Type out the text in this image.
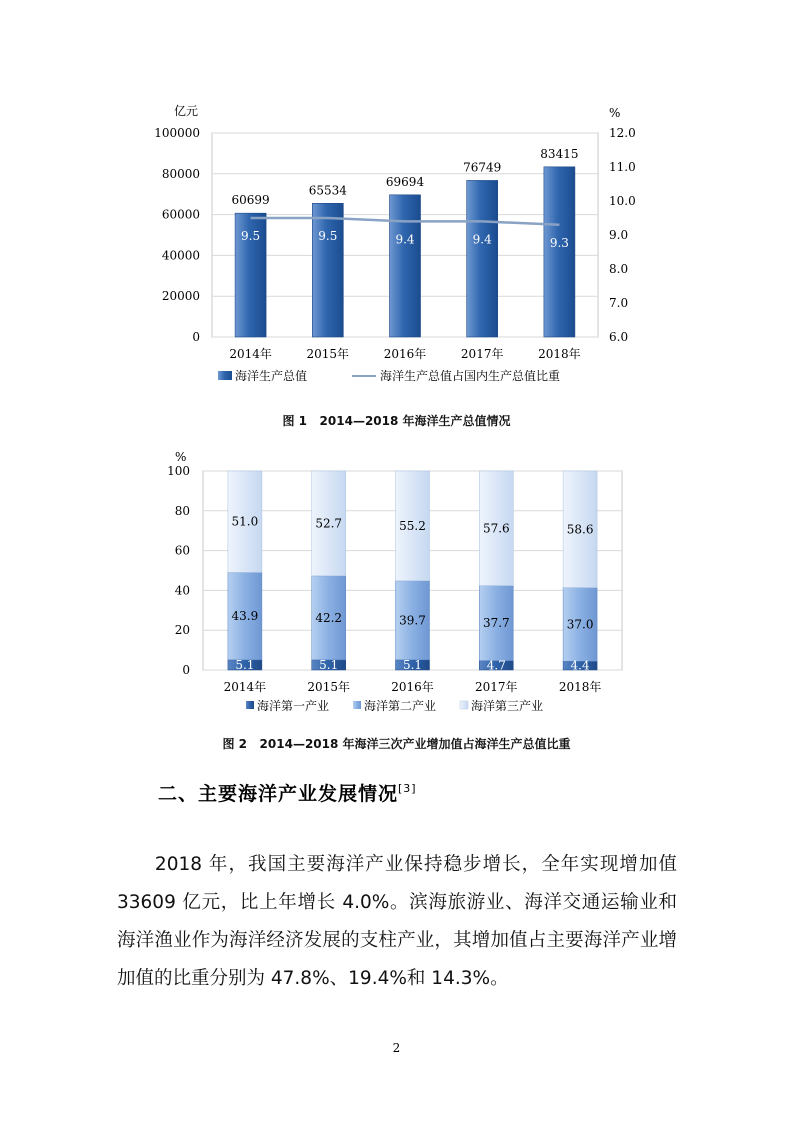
亿元	%
0
20000
40000
60000
80000
100000
6.0
7.0
8.0
9.0
10.0
11.0
12.0
60699
65534
69694
76749
83415
9.5	9.5	9.4	9.4	9.3
2014年	2015年	2016年	2017年	2018年
海洋生产总值	海洋生产总值占国内生产总值比重
%
0
20
40
60
80
100
5.1
43.9
51.0
5.1
42.2
52.7
5.1
39.7
55.2
4.7
37.7
57.6
4.4
37.0
58.6
2014年	2015年	2016年	2017年	2018年
海洋第一产业	海洋第二产业	海洋第三产业
图 1 2014—2018 年海洋生产总值情况
图 2 2014—2018 年海洋三次产业增加值占海洋生产总值比重
二、主要海洋产业发展情况[3]
2018 年，我国主要海洋产业保持稳步增长，全年实现增加值 33609 亿元，比上年增长 4.0%。滨海旅游业、海洋交通运输业和海洋渔业作为海洋经济发展的支柱产业，其增加值占主要海洋产业增加值的比重分别为 47.8%、19.4%和 14.3%。
2
